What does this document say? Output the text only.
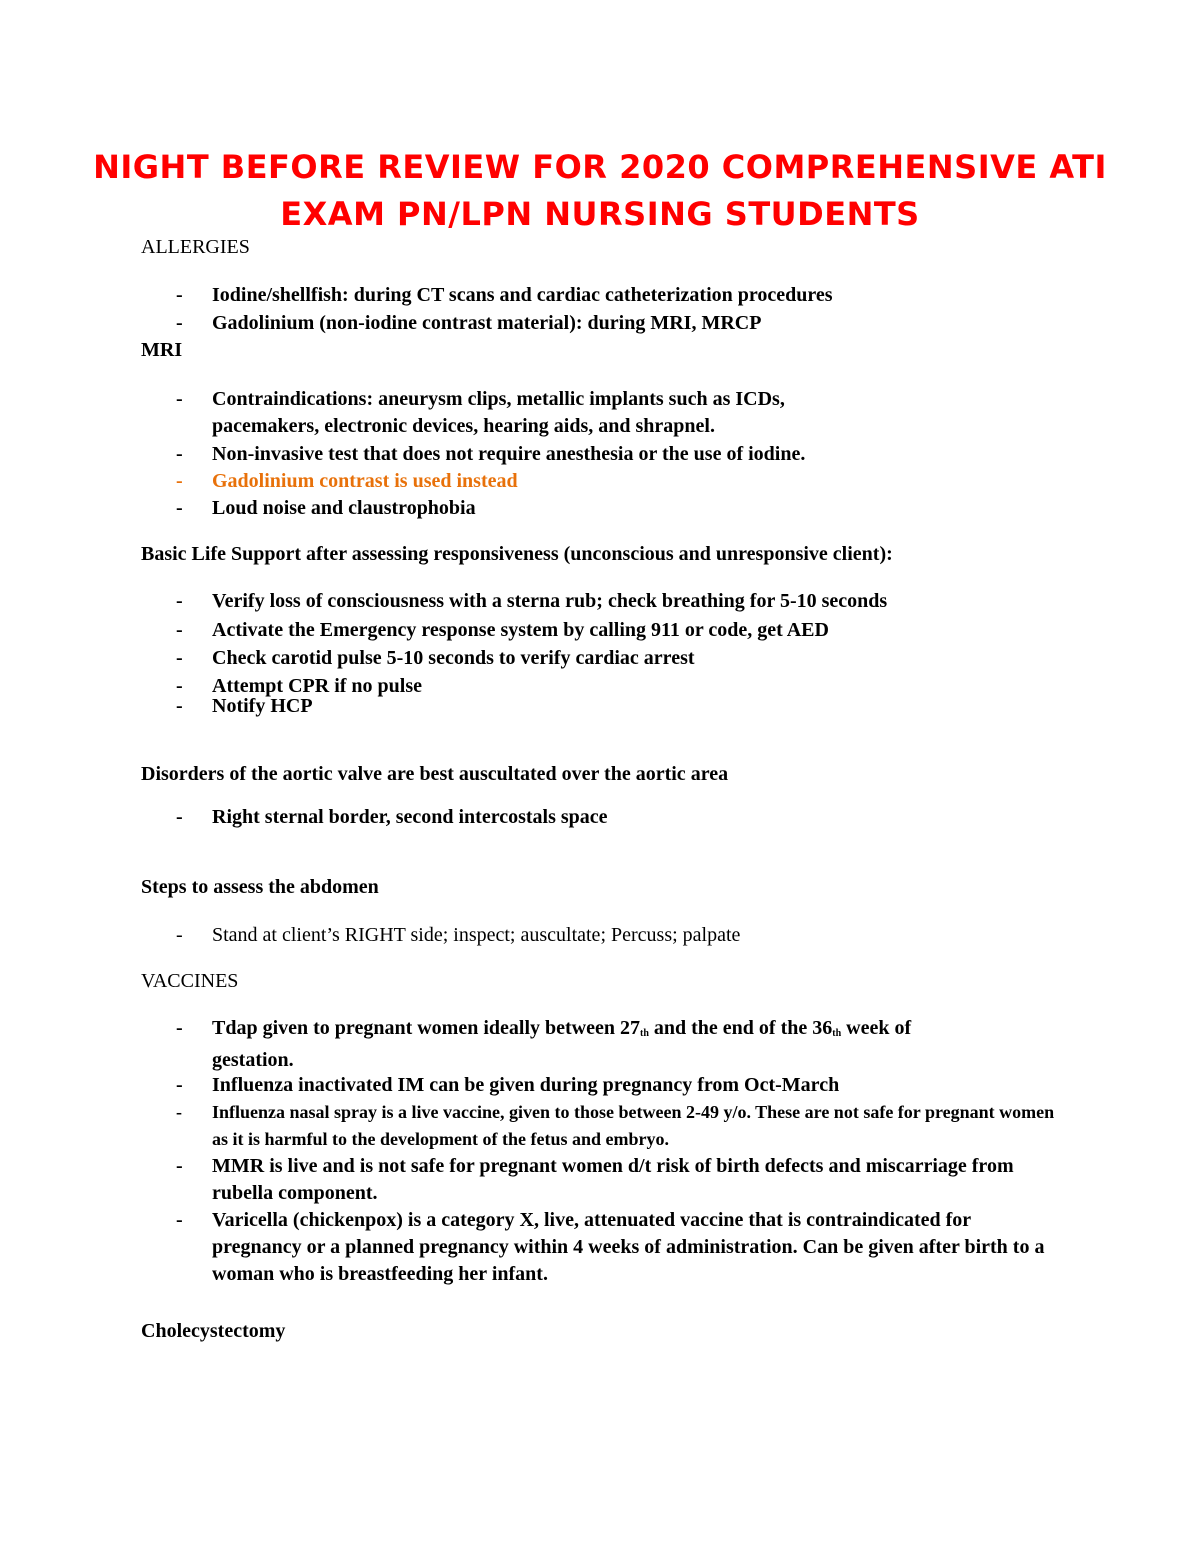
NIGHT BEFORE REVIEW FOR 2020 COMPREHENSIVE ATI
EXAM PN/LPN NURSING STUDENTS
ALLERGIES
- Iodine/shellfish: during CT scans and cardiac catheterization procedures
- Gadolinium (non-iodine contrast material): during MRI, MRCP
MRI
- Contraindications: aneurysm clips, metallic implants such as ICDs, pacemakers, electronic devices, hearing aids, and shrapnel.
- Non-invasive test that does not require anesthesia or the use of iodine.
- Gadolinium contrast is used instead
- Loud noise and claustrophobia
Basic Life Support after assessing responsiveness (unconscious and unresponsive client):
- Verify loss of consciousness with a sterna rub; check breathing for 5-10 seconds
- Activate the Emergency response system by calling 911 or code, get AED
- Check carotid pulse 5-10 seconds to verify cardiac arrest
- Attempt CPR if no pulse
- Notify HCP
Disorders of the aortic valve are best auscultated over the aortic area
- Right sternal border, second intercostals space
Steps to assess the abdomen
- Stand at client’s RIGHT side; inspect; auscultate; Percuss; palpate
VACCINES
- Tdap given to pregnant women ideally between $27_{th}$ and the end of the $36_{th}$ week of gestation.
- Influenza inactivated IM can be given during pregnancy from Oct-March
- Influenza nasal spray is a live vaccine, given to those between 2-49 y/o. These are not safe for pregnant women as it is harmful to the development of the fetus and embryo.
- MMR is live and is not safe for pregnant women d/t risk of birth defects and miscarriage from rubella component.
- Varicella (chickenpox) is a category X, live, attenuated vaccine that is contraindicated for pregnancy or a planned pregnancy within 4 weeks of administration. Can be given after birth to a woman who is breastfeeding her infant.
Cholecystectomy
